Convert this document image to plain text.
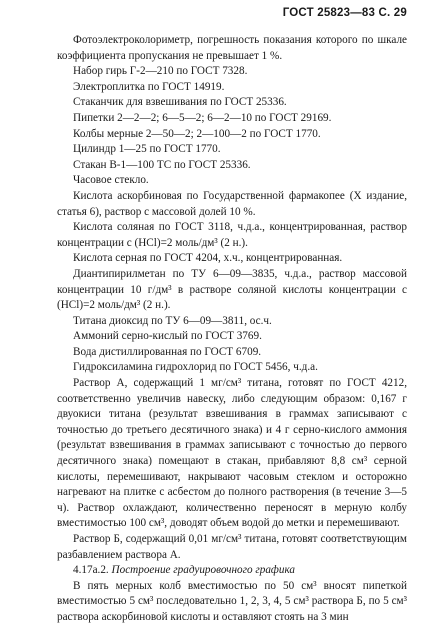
ГОСТ 25823—83 С. 29

Фотоэлектроколориметр, погрешность показания которого по шкале коэффициента пропускания не превышает 1 %.

Набор гирь Г-2—210 по ГОСТ 7328.

Электроплитка по ГОСТ 14919.

Стаканчик для взвешивания по ГОСТ 25336.

Пипетки 2—2—2; 6—5—2; 6—2—10 по ГОСТ 29169.

Колбы мерные 2—50—2; 2—100—2 по ГОСТ 1770.

Цилиндр 1—25 по ГОСТ 1770.

Стакан В-1—100 ТС по ГОСТ 25336.

Часовое стекло.

Кислота аскорбиновая по Государственной фармакопее (X издание, статья 6), раствор с массовой долей 10 %.

Кислота соляная по ГОСТ 3118, ч.д.а., концентрированная, раствор концентрации с (HCl)=2 моль/дм³ (2 н.).

Кислота серная по ГОСТ 4204, х.ч., концентрированная.

Диантипирилметан по ТУ 6—09—3835, ч.д.а., раствор массовой концентрации 10 г/дм³ в растворе соляной кислоты концентрации с (HCl)=2 моль/дм³ (2 н.).

Титана диоксид по ТУ 6—09—3811, ос.ч.

Аммоний серно-кислый по ГОСТ 3769.

Вода дистиллированная по ГОСТ 6709.

Гидроксиламина гидрохлорид по ГОСТ 5456, ч.д.а.

Раствор А, содержащий 1 мг/см³ титана, готовят по ГОСТ 4212, соответственно увеличив навеску, либо следующим образом: 0,167 г двуокиси титана (результат взвешивания в граммах записывают с точностью до третьего десятичного знака) и 4 г серно-кислого аммония (результат взвешивания в граммах записывают с точностью до первого десятичного знака) помещают в стакан, прибавляют 8,8 см³ серной кислоты, перемешивают, накрывают часовым стеклом и осторожно нагревают на плитке с асбестом до полного растворения (в течение 3—5 ч). Раствор охлаждают, количественно переносят в мерную колбу вместимостью 100 см³, доводят объем водой до метки и перемешивают.

Раствор Б, содержащий 0,01 мг/см³ титана, готовят соответствующим разбавлением раствора А.

4.17а.2. Построение градуировочного графика

В пять мерных колб вместимостью по 50 см³ вносят пипеткой вместимостью 5 см³ последовательно 1, 2, 3, 4, 5 см³ раствора Б, по 5 см³ раствора аскорбиновой кислоты и оставляют стоять на 3 мин
